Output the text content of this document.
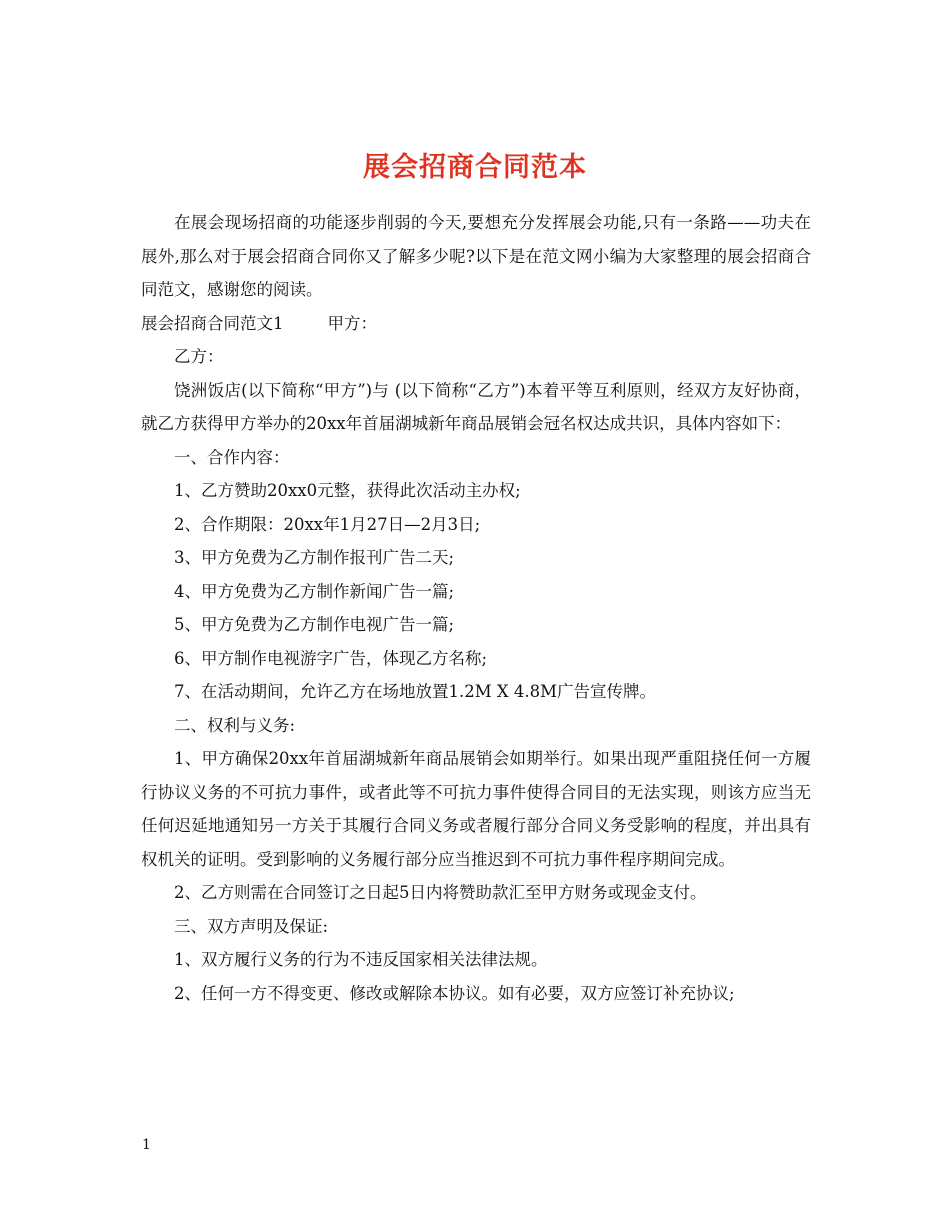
展会招商合同范本

在展会现场招商的功能逐步削弱的今天,要想充分发挥展会功能,只有一条路——功夫在展外,那么对于展会招商合同你又了解多少呢?以下是在范文网小编为大家整理的展会招商合同范文，感谢您的阅读。

展会招商合同范文1	甲方：

乙方：

饶洲饭店(以下简称“甲方”)与 (以下简称“乙方”)本着平等互利原则，经双方友好协商，就乙方获得甲方举办的20xx年首届湖城新年商品展销会冠名权达成共识，具体内容如下：

一、合作内容：

1、乙方赞助20xx0元整，获得此次活动主办权;

2、合作期限：20xx年1月27日—2月3日;

3、甲方免费为乙方制作报刊广告二天;

4、甲方免费为乙方制作新闻广告一篇;

5、甲方免费为乙方制作电视广告一篇;

6、甲方制作电视游字广告，体现乙方名称;

7、在活动期间，允许乙方在场地放置1.2M X 4.8M广告宣传牌。

二、权利与义务:

1、甲方确保20xx年首届湖城新年商品展销会如期举行。如果出现严重阻挠任何一方履行协议义务的不可抗力事件，或者此等不可抗力事件使得合同目的无法实现，则该方应当无任何迟延地通知另一方关于其履行合同义务或者履行部分合同义务受影响的程度，并出具有权机关的证明。受到影响的义务履行部分应当推迟到不可抗力事件程序期间完成。

2、乙方则需在合同签订之日起5日内将赞助款汇至甲方财务或现金支付。

三、双方声明及保证:

1、双方履行义务的行为不违反国家相关法律法规。

2、任何一方不得变更、修改或解除本协议。如有必要，双方应签订补充协议;

1
